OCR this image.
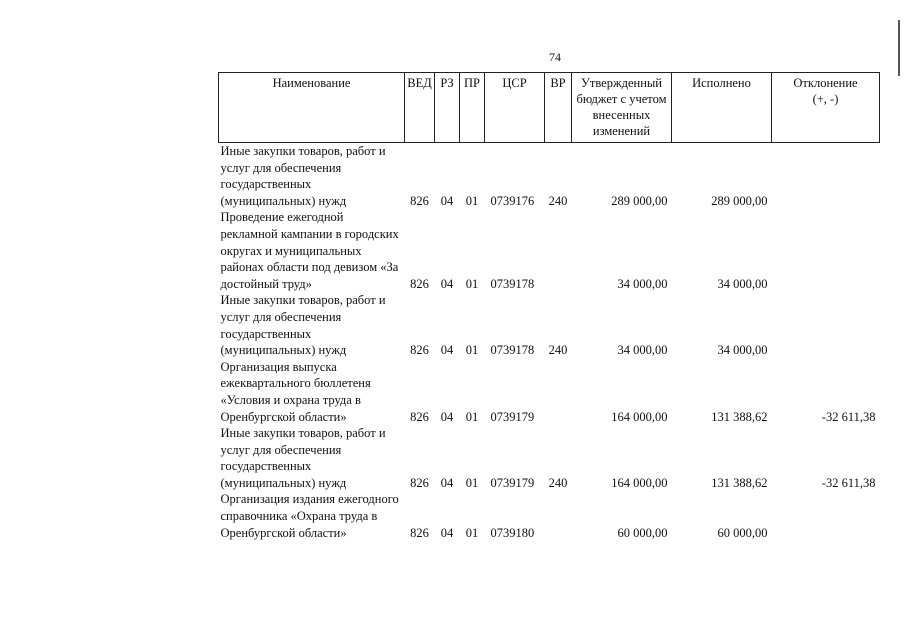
74
Наименование	ВЕД	РЗ	ПР	ЦСР	ВР	Утвержденный
бюджет с учетом
внесенных
изменений	Исполнено	Отклонение
(+, -)

Иные закупки товаров, работ и
услуг для обеспечения
государственных
(муниципальных) нужд	826	04	01	0739176	240	289 000,00	289 000,00	

Проведение ежегодной
рекламной кампании в городских
округах и муниципальных
районах области под девизом «За
достойный труд»	826	04	01	0739178		34 000,00	34 000,00	

Иные закупки товаров, работ и
услуг для обеспечения
государственных
(муниципальных) нужд	826	04	01	0739178	240	34 000,00	34 000,00	

Организация выпуска
ежеквартального бюллетеня
«Условия и охрана труда в
Оренбургской области»	826	04	01	0739179		164 000,00	131 388,62	-32 611,38

Иные закупки товаров, работ и
услуг для обеспечения
государственных
(муниципальных) нужд	826	04	01	0739179	240	164 000,00	131 388,62	-32 611,38

Организация издания ежегодного
справочника «Охрана труда в
Оренбургской области»	826	04	01	0739180		60 000,00	60 000,00	
